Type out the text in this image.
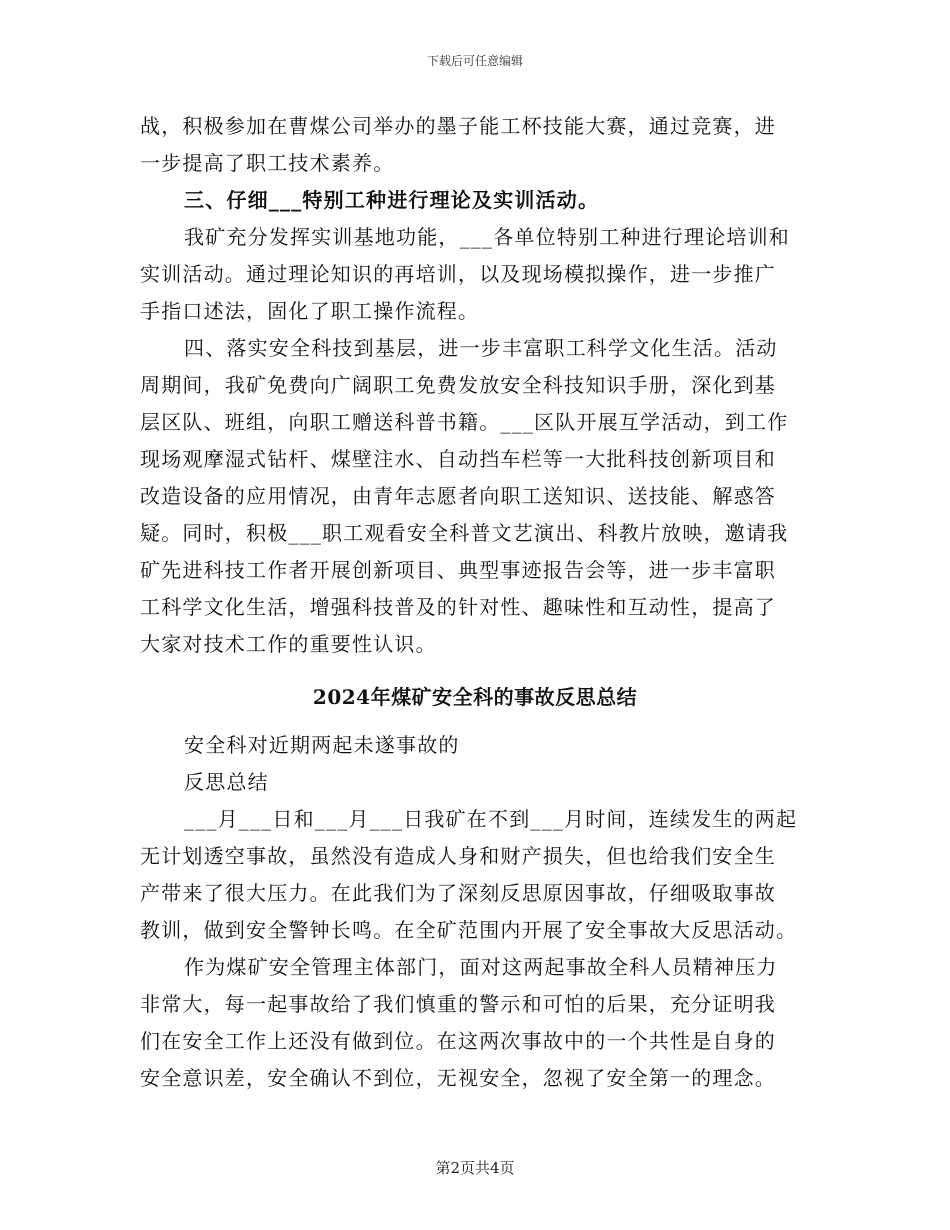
下载后可任意编辑
战，积极参加在曹煤公司举办的墨子能工杯技能大赛，通过竞赛，进
一步提高了职工技术素养。
三、仔细___特别工种进行理论及实训活动。
我矿充分发挥实训基地功能，___各单位特别工种进行理论培训和
实训活动。通过理论知识的再培训，以及现场模拟操作，进一步推广
手指口述法，固化了职工操作流程。
四、落实安全科技到基层，进一步丰富职工科学文化生活。活动
周期间，我矿免费向广阔职工免费发放安全科技知识手册，深化到基
层区队、班组，向职工赠送科普书籍。___区队开展互学活动，到工作
现场观摩湿式钻杆、煤壁注水、自动挡车栏等一大批科技创新项目和
改造设备的应用情况，由青年志愿者向职工送知识、送技能、解惑答
疑。同时，积极___职工观看安全科普文艺演出、科教片放映，邀请我
矿先进科技工作者开展创新项目、典型事迹报告会等，进一步丰富职
工科学文化生活，增强科技普及的针对性、趣味性和互动性，提高了
大家对技术工作的重要性认识。
2024年煤矿安全科的事故反思总结
安全科对近期两起未遂事故的
反思总结
___月___日和___月___日我矿在不到___月时间，连续发生的两起
无计划透空事故，虽然没有造成人身和财产损失，但也给我们安全生
产带来了很大压力。在此我们为了深刻反思原因事故，仔细吸取事故
教训，做到安全警钟长鸣。在全矿范围内开展了安全事故大反思活动。
作为煤矿安全管理主体部门，面对这两起事故全科人员精神压力
非常大，每一起事故给了我们慎重的警示和可怕的后果，充分证明我
们在安全工作上还没有做到位。在这两次事故中的一个共性是自身的
安全意识差，安全确认不到位，无视安全，忽视了安全第一的理念。
第2页共4页
